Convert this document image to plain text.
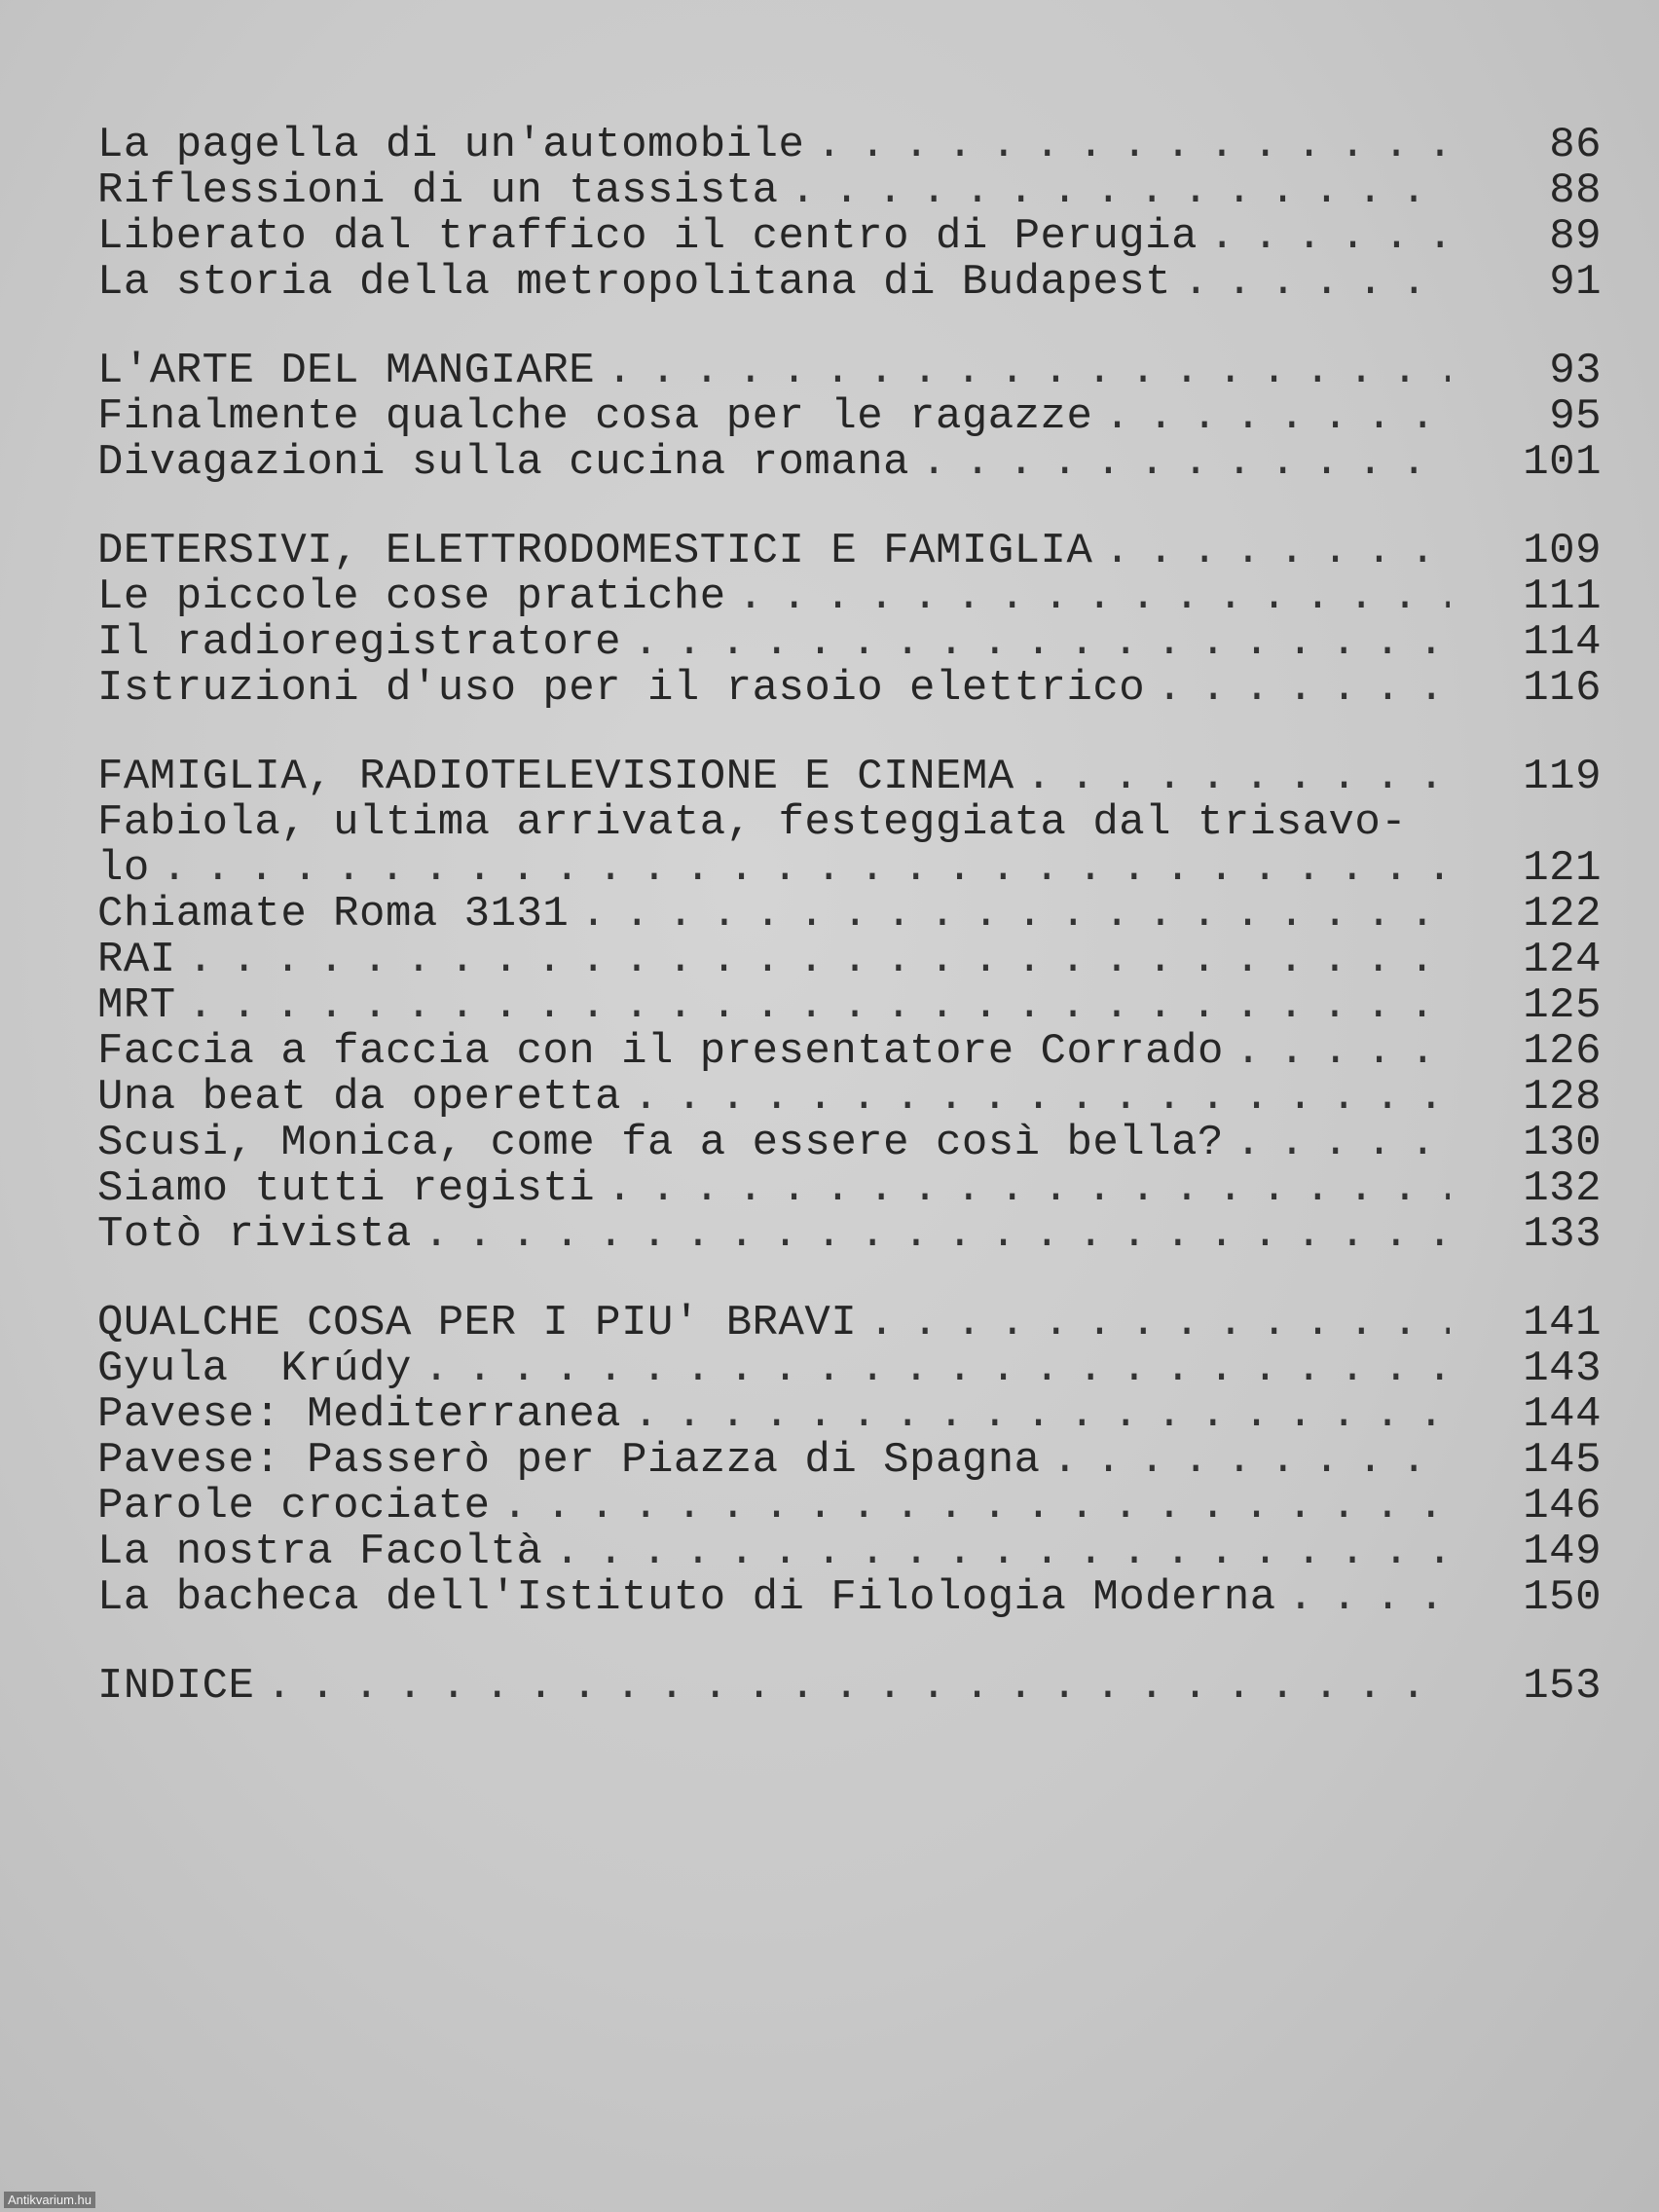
La pagella di un'automobile . . .	86
Riflessioni di un tassista . . .	88
Liberato dal traffico il centro di Perugia . . .	89
La storia della metropolitana di Budapest . . .	91
L'ARTE DEL MANGIARE . . .	93
Finalmente qualche cosa per le ragazze . . .	95
Divagazioni sulla cucina romana . . .	101
DETERSIVI, ELETTRODOMESTICI E FAMIGLIA . . .	109
Le piccole cose pratiche . . .	111
Il radioregistratore . . .	114
Istruzioni d'uso per il rasoio elettrico . . .	116
FAMIGLIA, RADIOTELEVISIONE E CINEMA . . .	119
Fabiola, ultima arrivata, festeggiata dal trisavo-
lo . . .	121
Chiamate Roma 3131 . . .	122
RAI . . .	124
MRT . . .	125
Faccia a faccia con il presentatore Corrado . . .	126
Una beat da operetta . . .	128
Scusi, Monica, come fa a essere così bella? . . .	130
Siamo tutti registi . . .	132
Totò rivista . . .	133
QUALCHE COSA PER I PIU' BRAVI . . .	141
Gyula  Krúdy . . .	143
Pavese: Mediterranea . . .	144
Pavese: Passerò per Piazza di Spagna . . .	145
Parole crociate . . .	146
La nostra Facoltà . . .	149
La bacheca dell'Istituto di Filologia Moderna . . .	150
INDICE . . .	153
Antikvarium.hu
